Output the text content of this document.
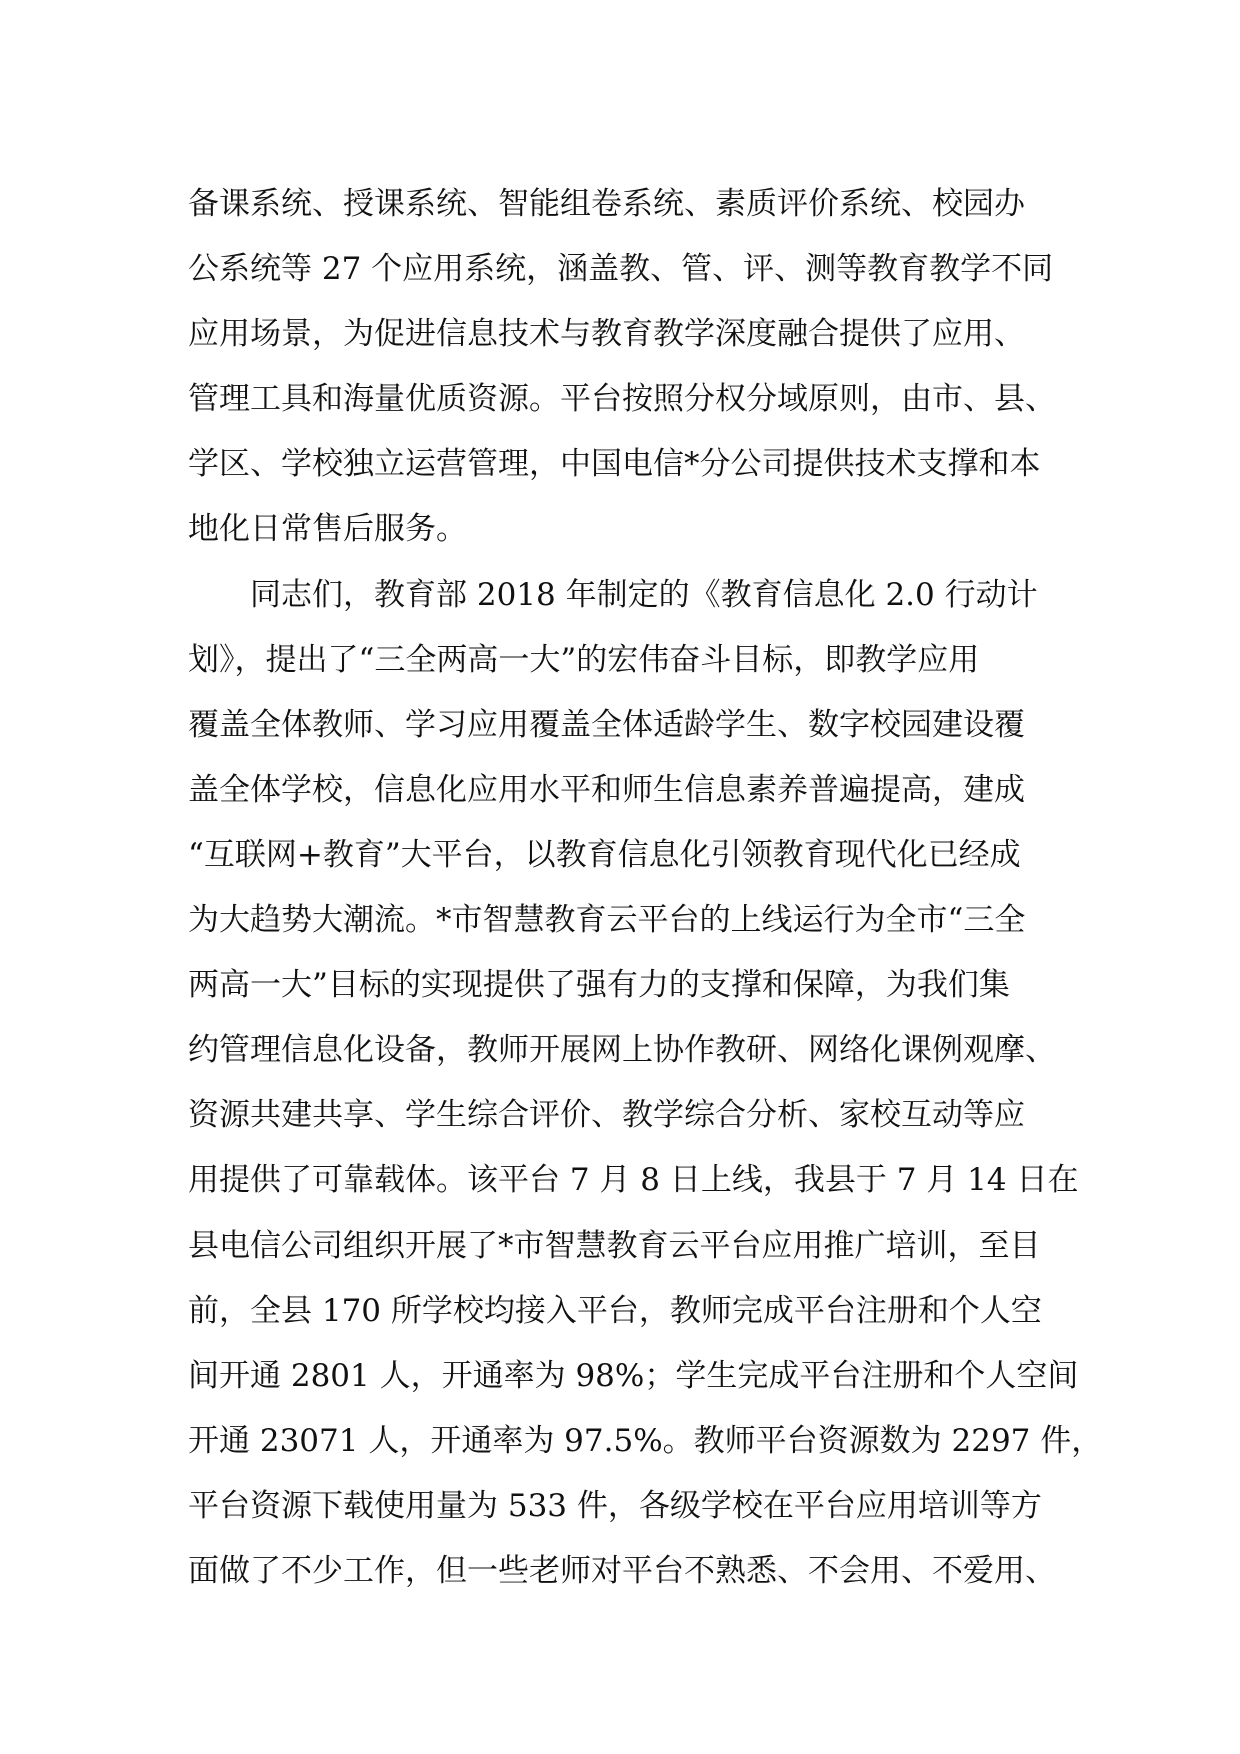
备课系统、授课系统、智能组卷系统、素质评价系统、校园办
公系统等 27 个应用系统，涵盖教、管、评、测等教育教学不同
应用场景，为促进信息技术与教育教学深度融合提供了应用、
管理工具和海量优质资源。平台按照分权分域原则，由市、县、
学区、学校独立运营管理，中国电信*分公司提供技术支撑和本
地化日常售后服务。
同志们，教育部 2018 年制定的《教育信息化 2.0 行动计
划》，提出了“三全两高一大”的宏伟奋斗目标，即教学应用
覆盖全体教师、学习应用覆盖全体适龄学生、数字校园建设覆
盖全体学校，信息化应用水平和师生信息素养普遍提高，建成
“互联网+教育”大平台，以教育信息化引领教育现代化已经成
为大趋势大潮流。*市智慧教育云平台的上线运行为全市“三全
两高一大”目标的实现提供了强有力的支撑和保障，为我们集
约管理信息化设备，教师开展网上协作教研、网络化课例观摩、
资源共建共享、学生综合评价、教学综合分析、家校互动等应
用提供了可靠载体。该平台 7 月 8 日上线，我县于 7 月 14 日在
县电信公司组织开展了*市智慧教育云平台应用推广培训，至目
前，全县 170 所学校均接入平台，教师完成平台注册和个人空
间开通 2801 人，开通率为 98%；学生完成平台注册和个人空间
开通 23071 人，开通率为 97.5%。教师平台资源数为 2297 件，
平台资源下载使用量为 533 件，各级学校在平台应用培训等方
面做了不少工作，但一些老师对平台不熟悉、不会用、不爱用、
